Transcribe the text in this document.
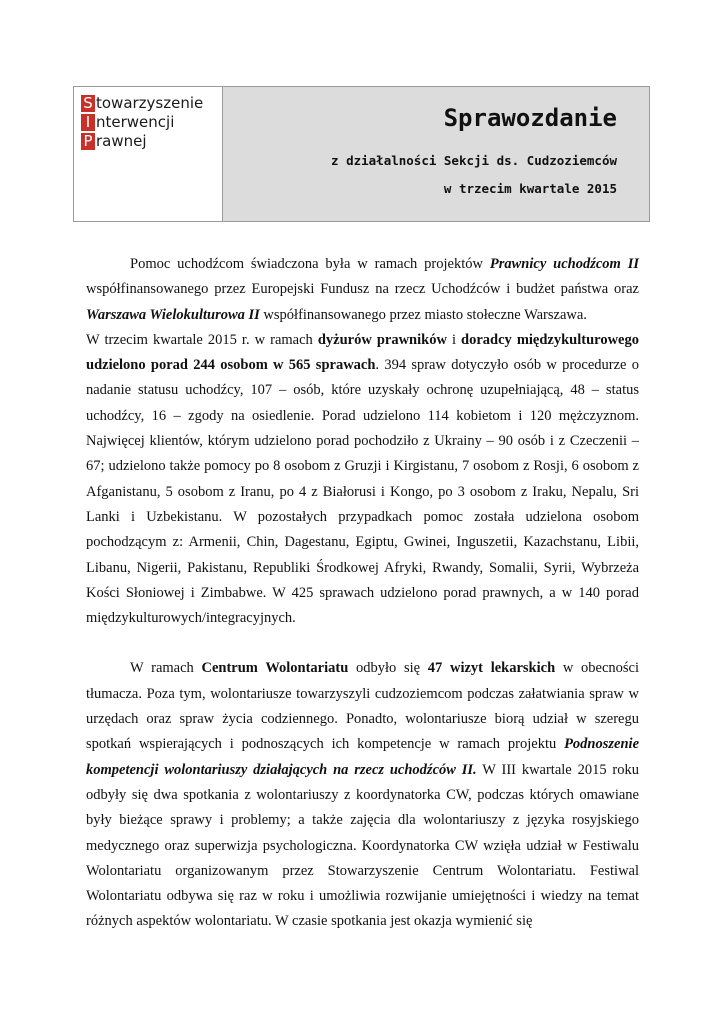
S towarzyszenie
I nterwencji
P rawnej
Sprawozdanie
z działalności Sekcji ds. Cudzoziemców
w trzecim kwartale 2015

Pomoc uchodźcom świadczona była w ramach projektów Prawnicy uchodźcom II współfinansowanego przez Europejski Fundusz na rzecz Uchodźców i budżet państwa oraz Warszawa Wielokulturowa II współfinansowanego przez miasto stołeczne Warszawa.

W trzecim kwartale 2015 r. w ramach dyżurów prawników i doradcy międzykulturowego udzielono porad 244 osobom w 565 sprawach. 394 spraw dotyczyło osób w procedurze o nadanie statusu uchodźcy, 107 – osób, które uzyskały ochronę uzupełniającą, 48 – status uchodźcy, 16 – zgody na osiedlenie. Porad udzielono 114 kobietom i 120 mężczyznom. Najwięcej klientów, którym udzielono porad pochodziło z Ukrainy – 90 osób i z Czeczenii – 67; udzielono także pomocy po 8 osobom z Gruzji i Kirgistanu, 7 osobom z Rosji, 6 osobom z Afganistanu, 5 osobom z Iranu, po 4 z Białorusi i Kongo, po 3 osobom z Iraku, Nepalu, Sri Lanki i Uzbekistanu. W pozostałych przypadkach pomoc została udzielona osobom pochodzącym z: Armenii, Chin, Dagestanu, Egiptu, Gwinei, Inguszetii, Kazachstanu, Libii, Libanu, Nigerii, Pakistanu, Republiki Środkowej Afryki, Rwandy, Somalii, Syrii, Wybrzeża Kości Słoniowej i Zimbabwe. W 425 sprawach udzielono porad prawnych, a w 140 porad międzykulturowych/integracyjnych.

W ramach Centrum Wolontariatu odbyło się 47 wizyt lekarskich w obecności tłumacza. Poza tym, wolontariusze towarzyszyli cudzoziemcom podczas załatwiania spraw w urzędach oraz spraw życia codziennego. Ponadto, wolontariusze biorą udział w szeregu spotkań wspierających i podnoszących ich kompetencje w ramach projektu Podnoszenie kompetencji wolontariuszy działających na rzecz uchodźców II. W III kwartale 2015 roku odbyły się dwa spotkania z wolontariuszy z koordynatorka CW, podczas których omawiane były bieżące sprawy i problemy; a także zajęcia dla wolontariuszy z języka rosyjskiego medycznego oraz superwizja psychologiczna. Koordynatorka CW wzięła udział w Festiwalu Wolontariatu organizowanym przez Stowarzyszenie Centrum Wolontariatu. Festiwal Wolontariatu odbywa się raz w roku i umożliwia rozwijanie umiejętności i wiedzy na temat różnych aspektów wolontariatu. W czasie spotkania jest okazja wymienić się
